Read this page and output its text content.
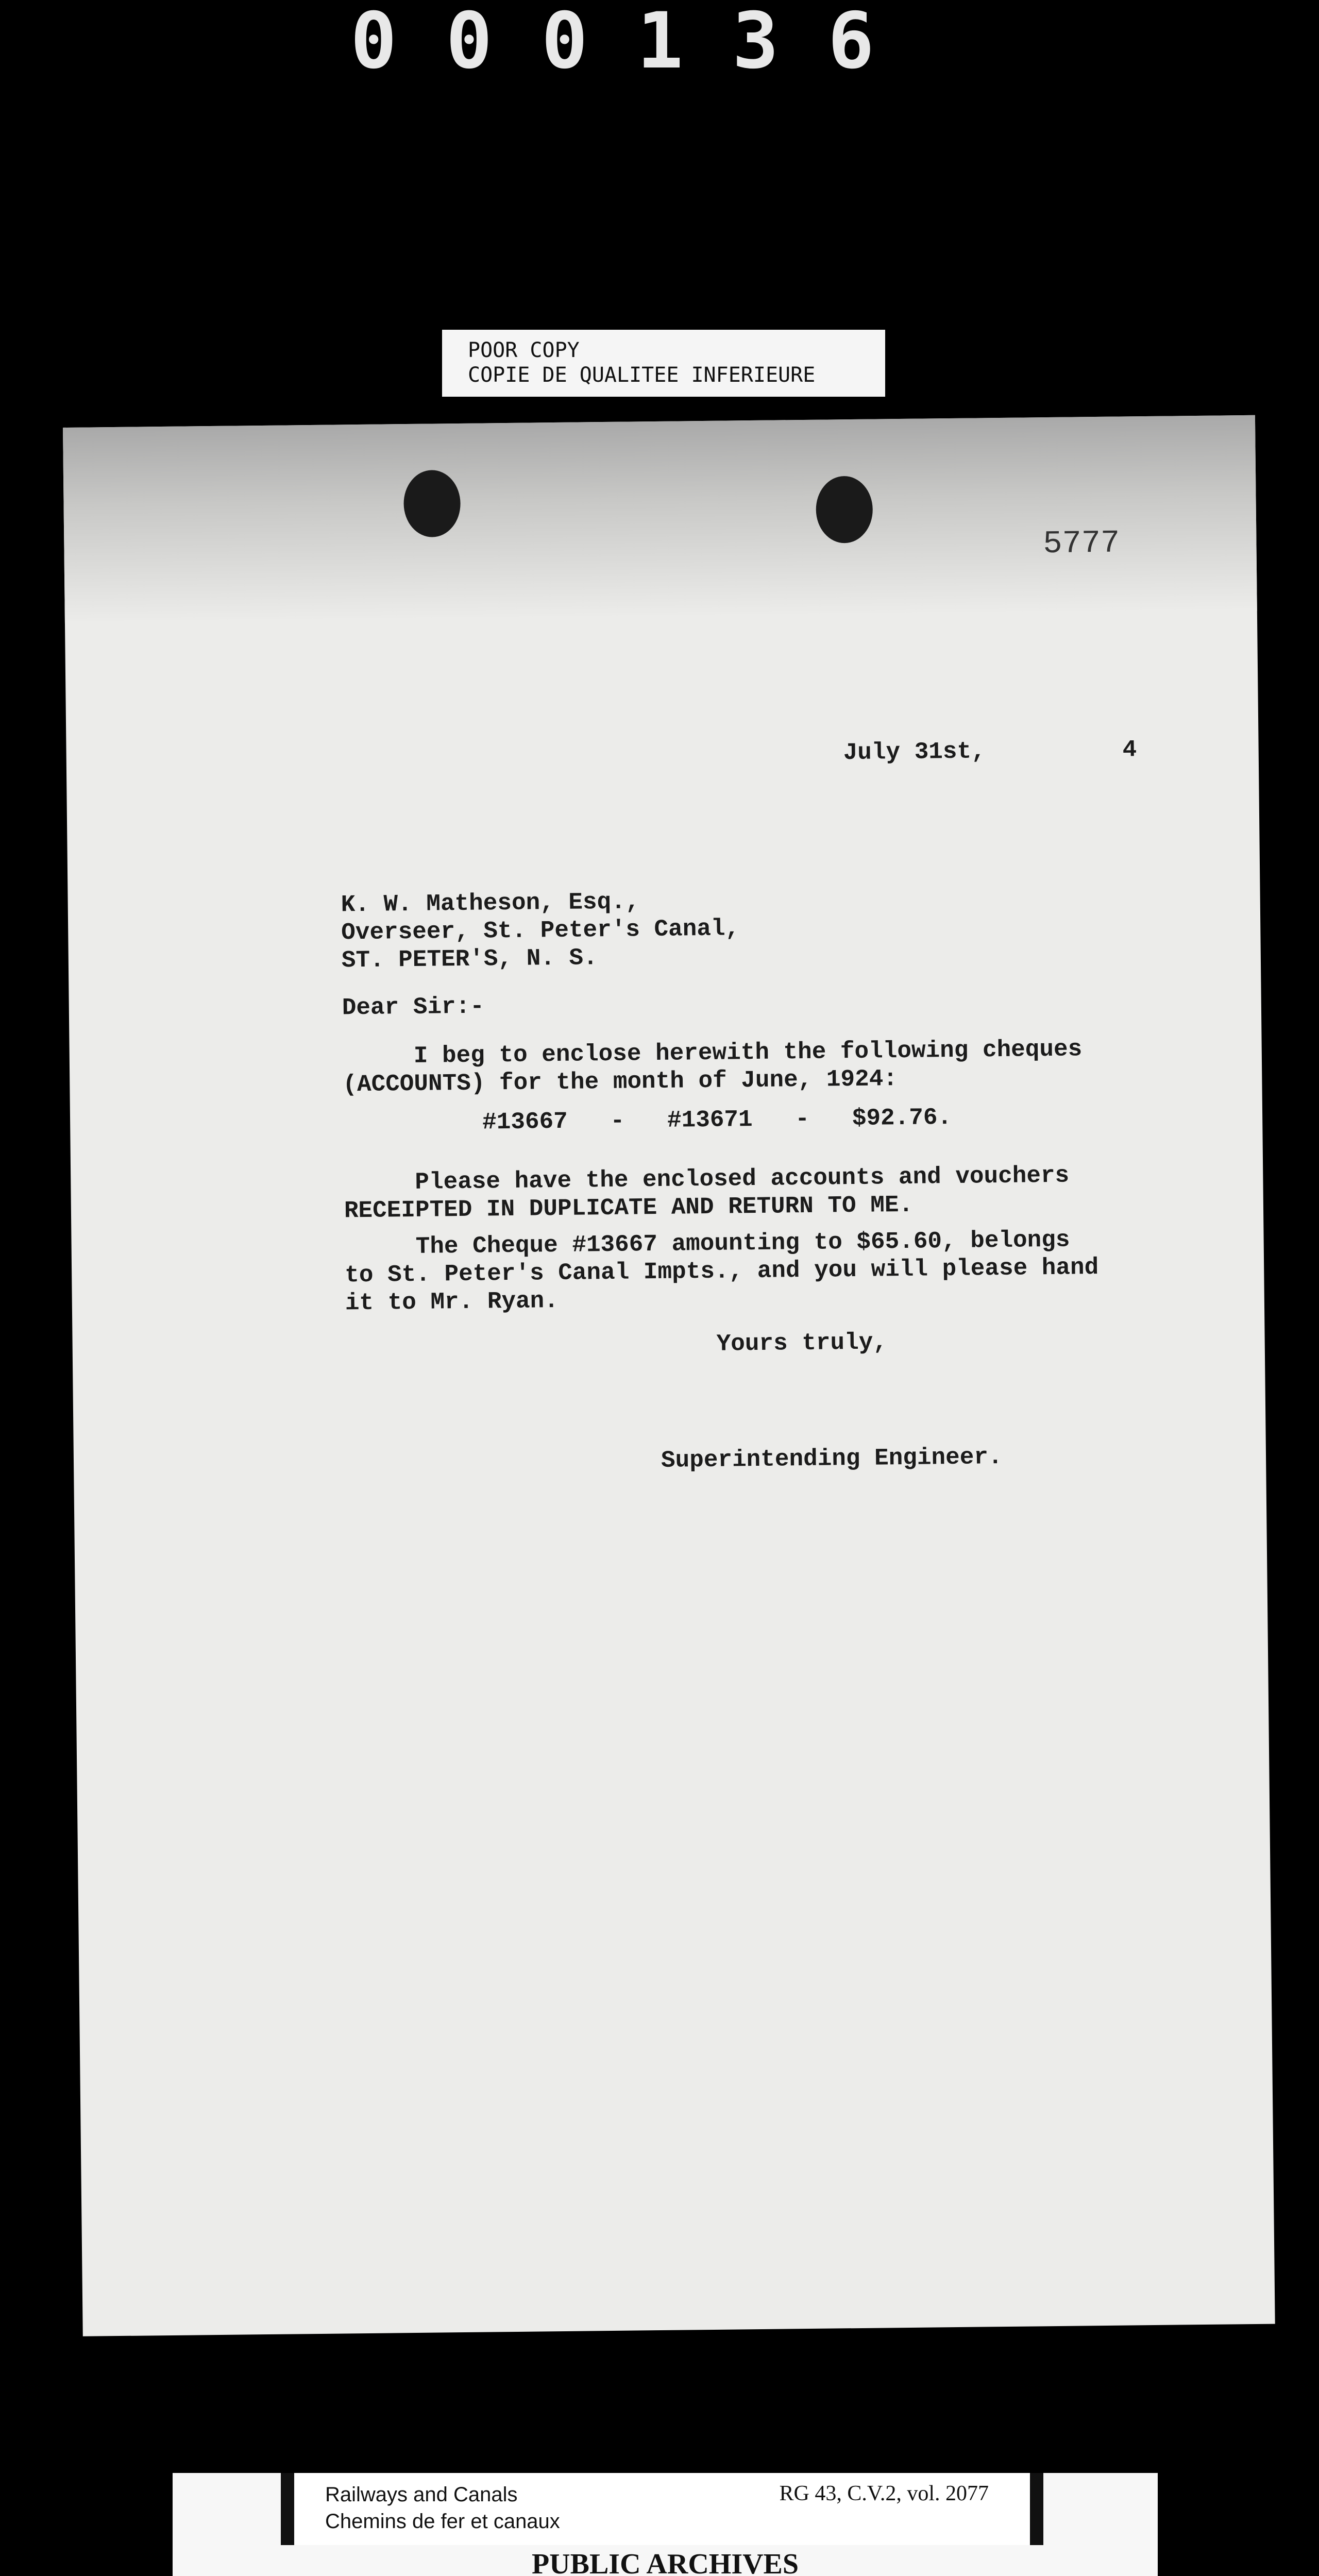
000136
POOR COPY
COPIE DE QUALITEE INFERIEURE
5777
July 31st,	4
K. W. Matheson, Esq.,
Overseer, St. Peter's Canal,
ST. PETER'S, N. S.
Dear Sir:-
I beg to enclose herewith the following cheques
(ACCOUNTS) for the month of June, 1924:
#13667   -   #13671   -   $92.76.
Please have the enclosed accounts and vouchers
RECEIPTED IN DUPLICATE AND RETURN TO ME.
The Cheque #13667 amounting to $65.60, belongs
to St. Peter's Canal Impts., and you will please hand
it to Mr. Ryan.
Yours truly,
Superintending Engineer.
Railways and Canals
Chemins de fer et canaux
RG 43, C.V.2, vol. 2077
PUBLIC ARCHIVES
